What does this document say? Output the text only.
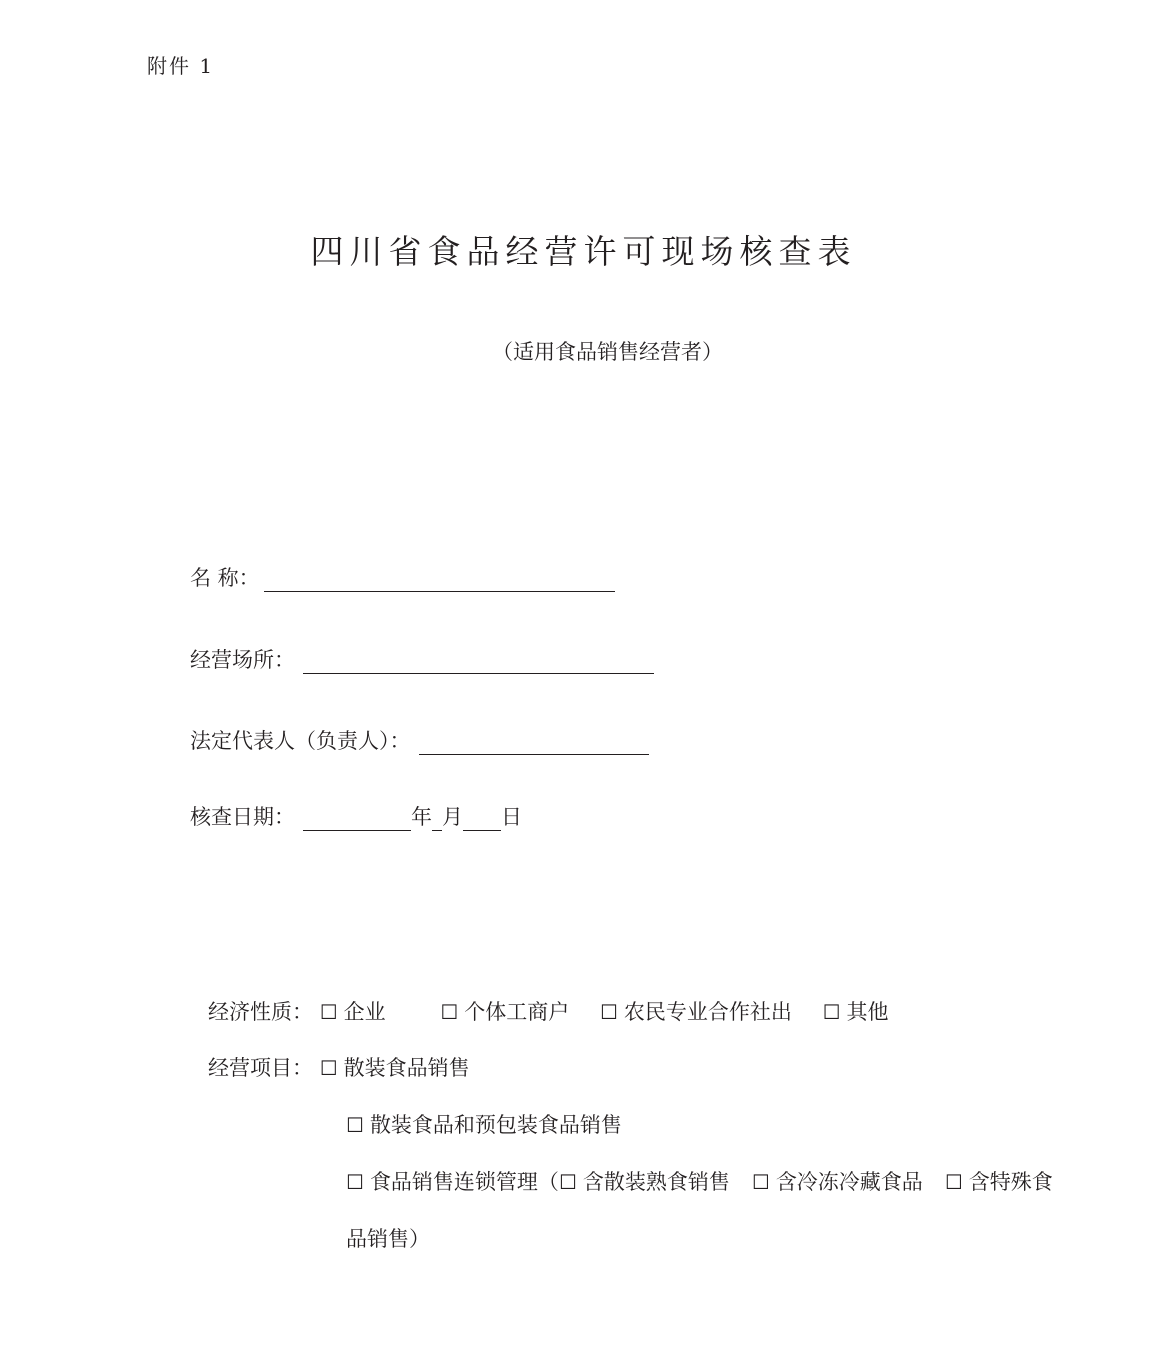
附件 1
四川省食品经营许可现场核查表
（适用食品销售经营者）
名 称：
经营场所：
法定代表人（负责人）：
核查日期：	年 月 日
经济性质： ☐ 企业	☐ 个体工商户 ☐ 农民专业合作社出 ☐ 其他
经营项目： ☐ 散装食品销售
☐ 散装食品和预包装食品销售
☐ 食品销售连锁管理（☐ 含散装熟食销售 ☐ 含冷冻冷藏食品 ☐ 含特殊食
品销售）
